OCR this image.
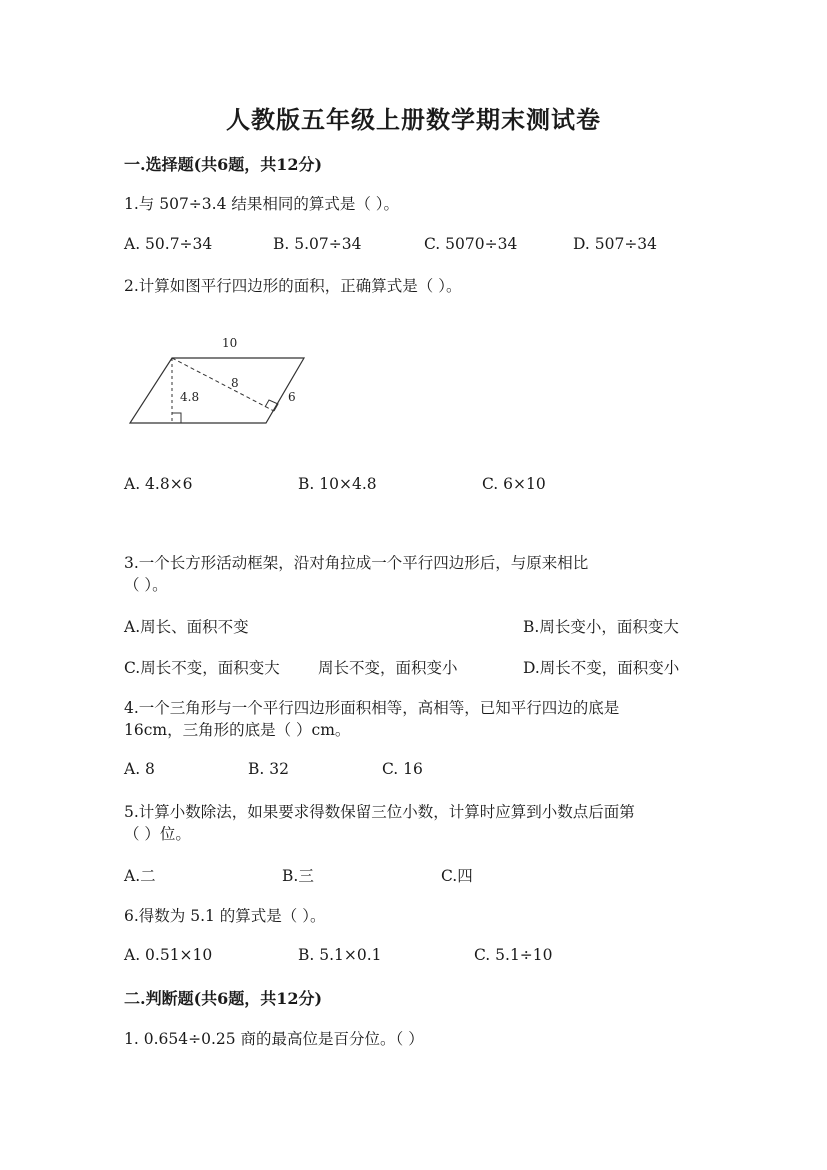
人教版五年级上册数学期末测试卷
一.选择题(共6题，共12分)
1.与 507÷3.4 结果相同的算式是（ ）。
A. 50.7÷34	B. 5.07÷34	C. 5070÷34	D. 507÷34
2.计算如图平行四边形的面积，正确算式是（ ）。
10
8
4.8	6
A. 4.8×6	B. 10×4.8	C. 6×10
3.一个长方形活动框架，沿对角拉成一个平行四边形后，与原来相比
（ ）。
A.周长、面积不变	B.周长变小，面积变大
C.周长不变，面积变大 周长不变，面积变小	D.周长不变，面积变小
4.一个三角形与一个平行四边形面积相等，高相等，已知平行四边的底是
16cm，三角形的底是（ ）cm。
A. 8	B. 32	C. 16
5.计算小数除法，如果要求得数保留三位小数，计算时应算到小数点后面第
（ ）位。
A.二	B.三	C.四
6.得数为 5.1 的算式是（ ）。
A. 0.51×10	B. 5.1×0.1	C. 5.1÷10
二.判断题(共6题，共12分)
1. 0.654÷0.25 商的最高位是百分位。（ ）
